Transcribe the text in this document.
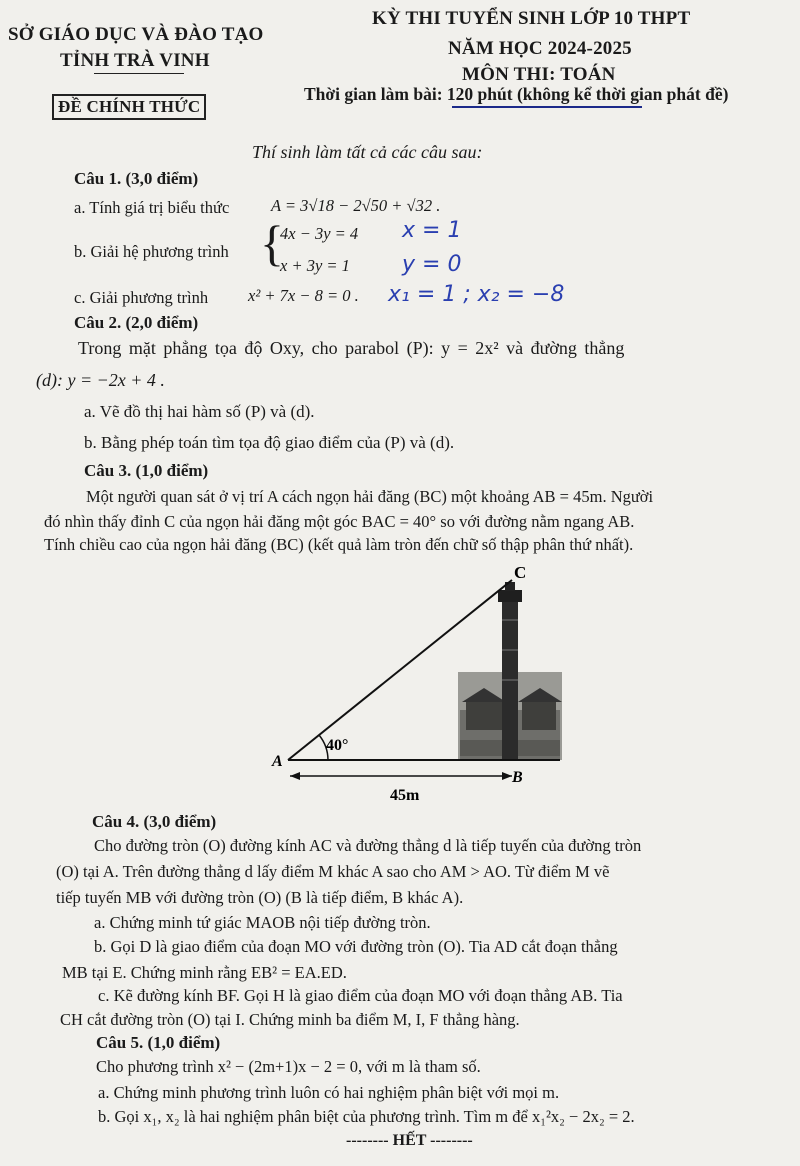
SỞ GIÁO DỤC VÀ ĐÀO TẠO
TỈNH TRÀ VINH
KỲ THI TUYỂN SINH LỚP 10 THPT
NĂM HỌC 2024-2025
MÔN THI: TOÁN
ĐỀ CHÍNH THỨC
Thời gian làm bài: 120 phút (không kể thời gian phát đề)
Thí sinh làm tất cả các câu sau:
Câu 1. (3,0 điểm)
a. Tính giá trị biểu thức	A = 3√18 − 2√50 + √32 .
b. Giải hệ phương trình {
4x − 3y = 4
x + 3y = 1
x = 1
y = 0
c. Giải phương trình x² + 7x − 8 = 0 . x₁ = 1 ; x₂ = −8
Câu 2. (2,0 điểm)
Trong mặt phẳng tọa độ Oxy, cho parabol (P): y = 2x² và đường thẳng
(d): y = −2x + 4 .
a. Vẽ đồ thị hai hàm số (P) và (d).
b. Bằng phép toán tìm tọa độ giao điểm của (P) và (d).
Câu 3. (1,0 điểm)
Một người quan sát ở vị trí A cách ngọn hải đăng (BC) một khoảng AB = 45m. Người
đó nhìn thấy đỉnh C của ngọn hải đăng một góc BAC = 40° so với đường nằm ngang AB.
Tính chiều cao của ngọn hải đăng (BC) (kết quả làm tròn đến chữ số thập phân thứ nhất).
A
B
C
40°
45m
Câu 4. (3,0 điểm)
Cho đường tròn (O) đường kính AC và đường thẳng d là tiếp tuyến của đường tròn
(O) tại A. Trên đường thẳng d lấy điểm M khác A sao cho AM > AO. Từ điểm M vẽ
tiếp tuyến MB với đường tròn (O) (B là tiếp điểm, B khác A).
a. Chứng minh tứ giác MAOB nội tiếp đường tròn.
b. Gọi D là giao điểm của đoạn MO với đường tròn (O). Tia AD cắt đoạn thẳng
MB tại E. Chứng minh rằng EB² = EA.ED.
c. Kẽ đường kính BF. Gọi H là giao điểm của đoạn MO với đoạn thẳng AB. Tia
CH cắt đường tròn (O) tại I. Chứng minh ba điểm M, I, F thẳng hàng.
Câu 5. (1,0 điểm)
Cho phương trình x² − (2m+1)x − 2 = 0, với m là tham số.
a. Chứng minh phương trình luôn có hai nghiệm phân biệt với mọi m.
b. Gọi x₁, x₂ là hai nghiệm phân biệt của phương trình. Tìm m để x₁²x₂ − 2x₂ = 2.
-------- HẾT --------
